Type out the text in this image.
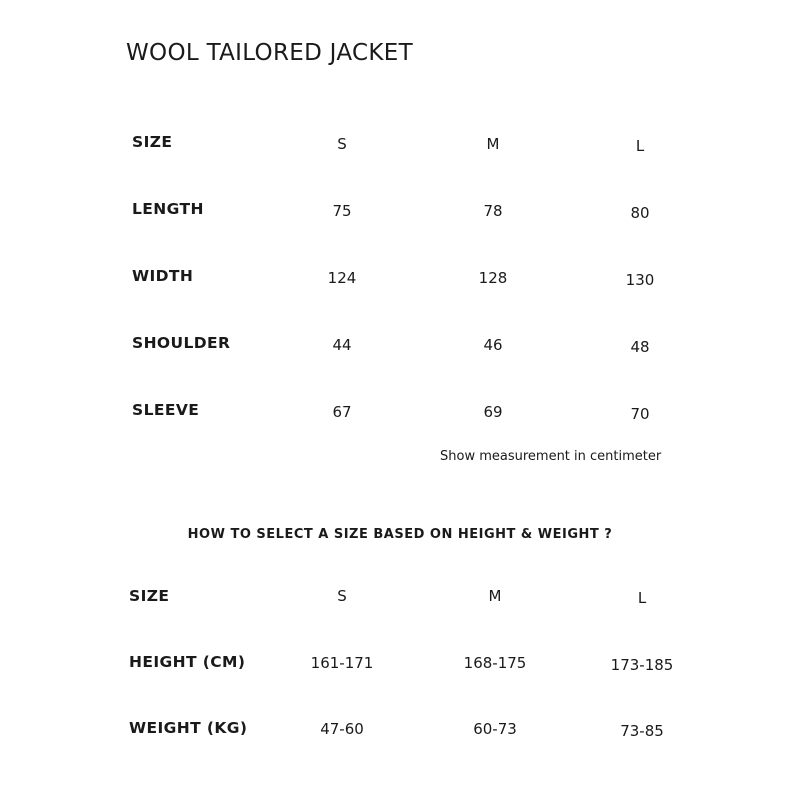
WOOL TAILORED JACKET
SIZE	S	M	L
LENGTH	75	78	80
WIDTH	124	128	130
SHOULDER	44	46	48
SLEEVE	67	69	70
Show measurement in centimeter
HOW TO SELECT A SIZE BASED ON HEIGHT & WEIGHT ?
SIZE	S	M	L
HEIGHT (CM)	161-171	168-175	173-185
WEIGHT (KG)	47-60	60-73	73-85
